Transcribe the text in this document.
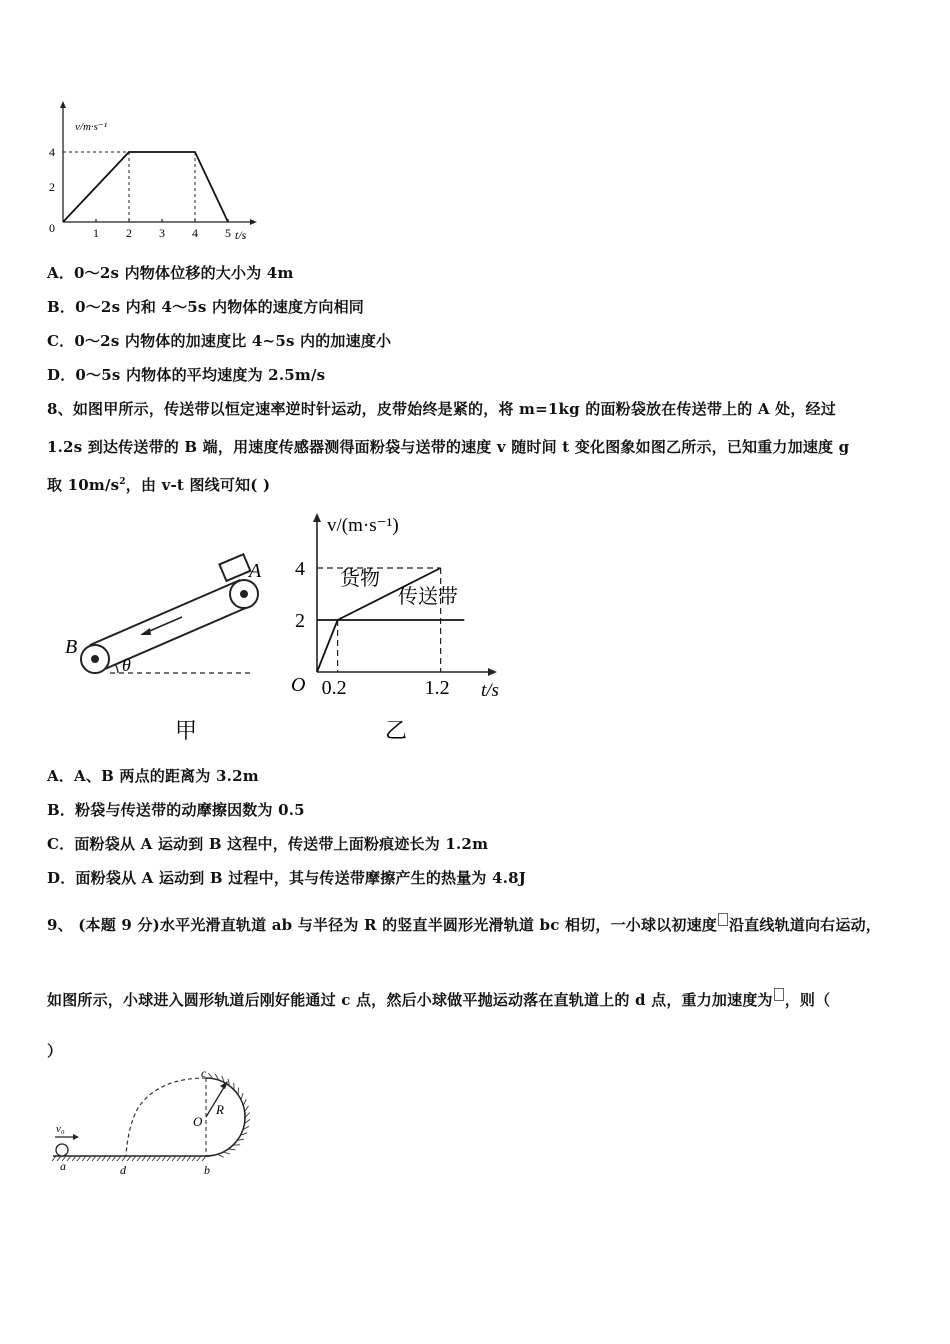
v/m·s⁻¹
t/s
0	1 2 3 4 5
2
4
A．0～2s 内物体位移的大小为 4m
B．0～2s 内和 4～5s 内物体的速度方向相同
C．0～2s 内物体的加速度比 4~5s 内的加速度小
D．0～5s 内物体的平均速度为 2.5m/s
8、如图甲所示，传送带以恒定速率逆时针运动，皮带始终是紧的，将 m=1kg 的面粉袋放在传送带上的 A 处，经过
1.2s 到达传送带的 B 端，用速度传感器测得面粉袋与送带的速度 v 随时间 t 变化图象如图乙所示，已知重力加速度 g
取 $10m/s^2$，由 v-t 图线可知( )
θ
A
B
甲
v/(m·s⁻¹)
t/s
O 0.2	1.2
2
4 货物
传送带
乙
A．A、B 两点的距离为 3.2m
B．粉袋与传送带的动摩擦因数为 0.5
C．面粉袋从 A 运动到 B 这程中，传送带上面粉痕迹长为 1.2m
D．面粉袋从 A 运动到 B 过程中，其与传送带摩擦产生的热量为 4.8J
9、 (本题 9 分)水平光滑直轨道 ab 与半径为 R 的竖直半圆形光滑轨道 bc 相切，一小球以初速度 沿直线轨道向右运动，
如图所示，小球进入圆形轨道后刚好能通过 c 点，然后小球做平抛运动落在直轨道上的 d 点，重力加速度为 ，则（
）
v₀
a	d	b
c
O
R
